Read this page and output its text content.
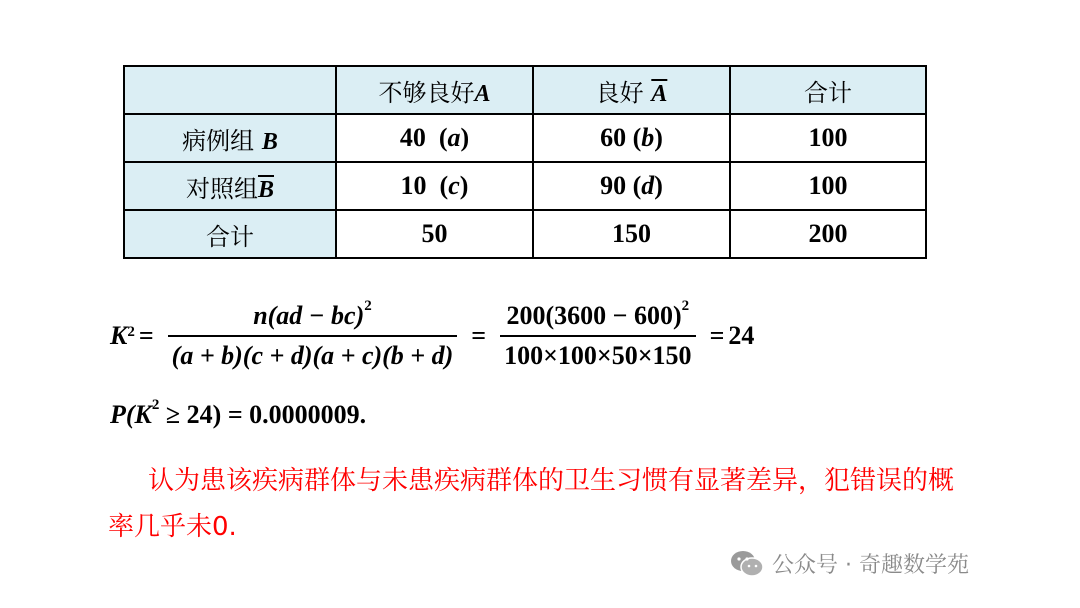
	不够良好A	良好 $\overline{A}$	合计
病例组 B	40  (a)	60 (b)	100
对照组$\overline{B}$	10  (c)	90 (d)	100
合计	50	150	200
$K^2 = \frac{n(ad - bc)^2}{(a + b)(c + d)(a + c)(b + d)} = \frac{200(3600 - 600)^2}{100\times 100\times 50\times 150} = 24$
$P(K^2 \ge 24) = 0.0000009$.
认为患该疾病群体与未患疾病群体的卫生习惯有显著差异，犯错误的概率几乎未0.
公众号 · 奇趣数学苑
